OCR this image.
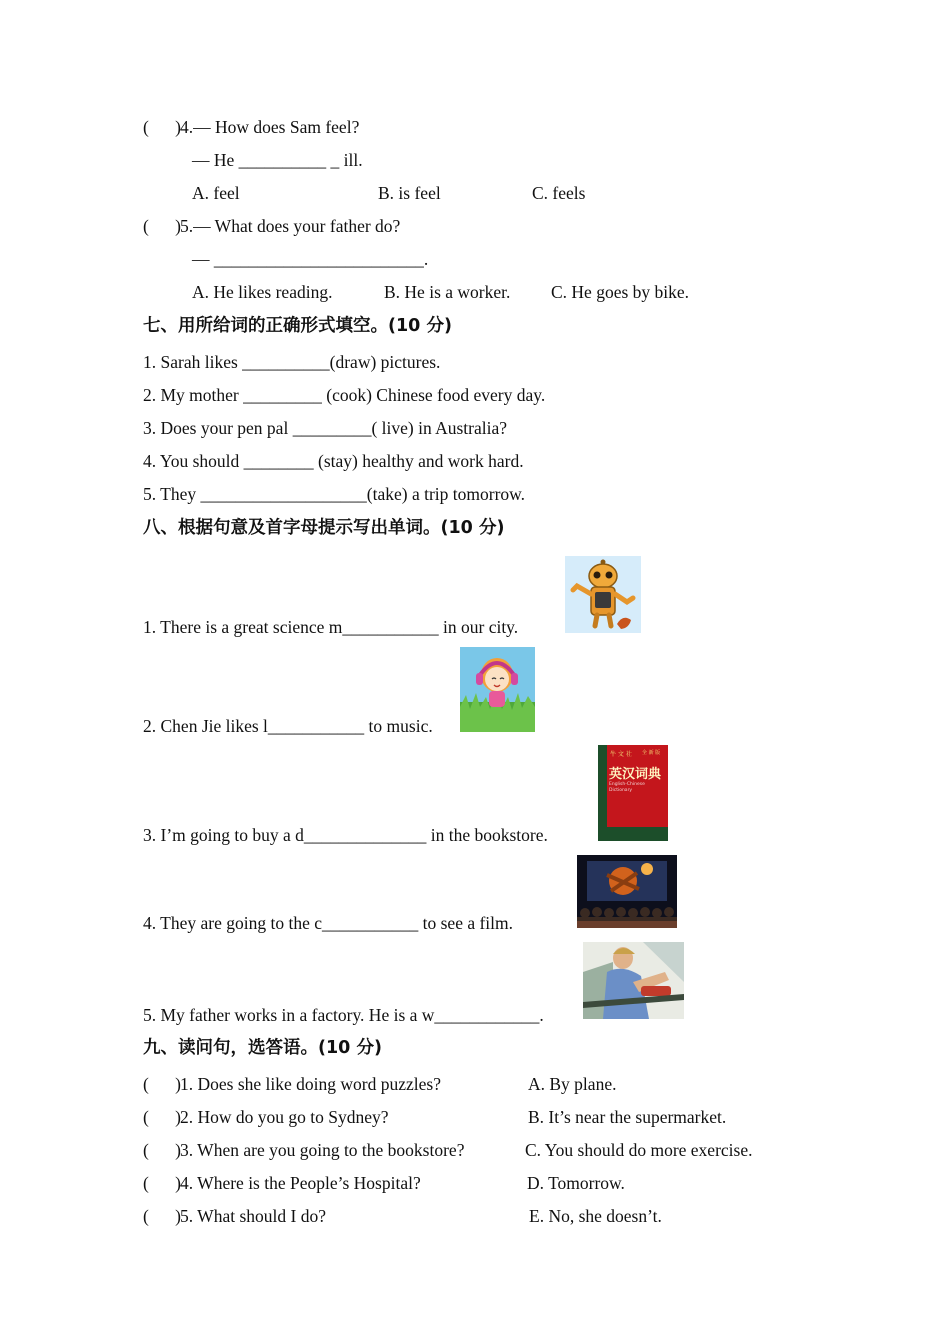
(      ) 4.— How does Sam feel?
— He __________ _ ill.
A. feel	B. is feel	C. feels
(      ) 5.— What does your father do?
— ________________________.
A. He likes reading.	B. He is a worker. C. He goes by bike.
七、用所给词的正确形式填空。(10 分)
1. Sarah likes __________(draw) pictures.
2. My mother _________ (cook) Chinese food every day.
3. Does your pen pal _________( live) in Australia?
4. You should ________ (stay) healthy and work hard.
5. They ___________________(take) a trip tomorrow.
八、根据句意及首字母提示写出单词。(10 分)
1. There is a great science m___________ in our city.
2. Chen Jie likes l___________ to music.
3. I’m going to buy a d______________ in the bookstore.
牛 文 社 全 新 版
英汉词典
English-Chinese Dictionary
4. They are going to the c___________ to see a film.
5. My father works in a factory. He is a w____________.
九、读问句，选答语。(10 分)
(      ) 1. Does she like doing word puzzles?	A. By plane.
(      ) 2. How do you go to Sydney?	B. It’s near the supermarket.
(      ) 3. When are you going to the bookstore?	C. You should do more exercise.
(      ) 4. Where is the People’s Hospital?	D. Tomorrow.
(      ) 5. What should I do?	E. No, she doesn’t.
